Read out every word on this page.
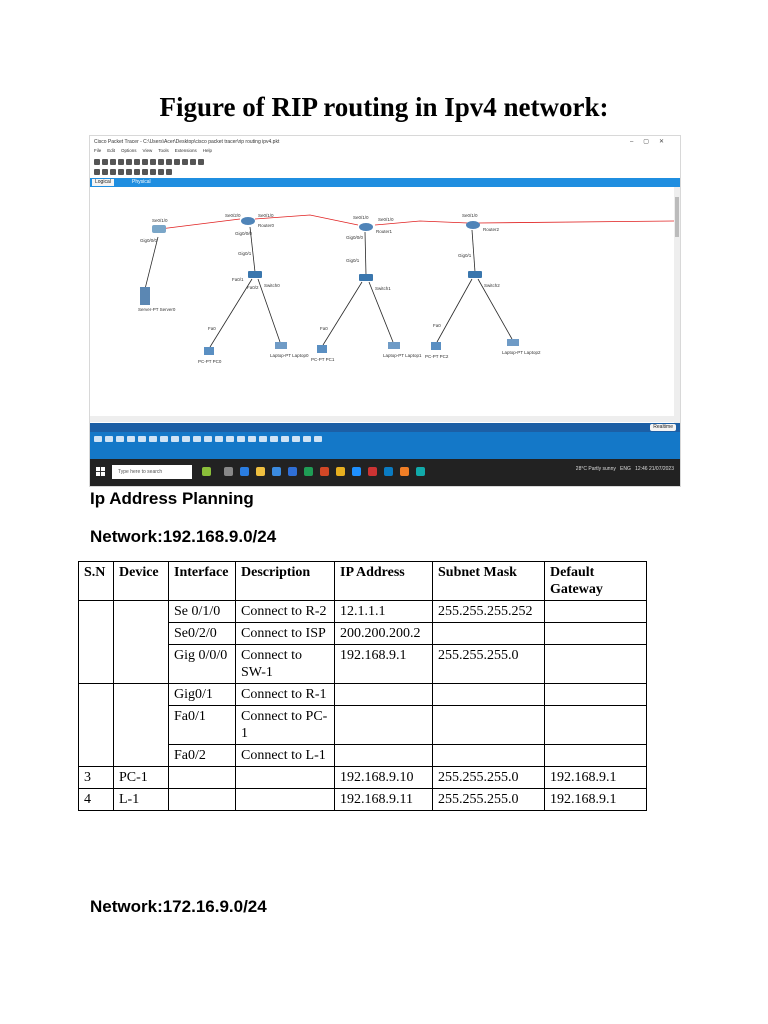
Figure of RIP routing in Ipv4 network:
Cisco Packet Tracer - C:\Users\Acer\Desktop\cisco packet tracer\rip routing ipv4.pkt	–▢✕
File Edit Options View Tools Extensions Help
Logical	Physical
Server-PT Server0
Router0
Router1	Router2
Switch0
Switch1
Switch2
PC-PT PC0	PC-PT PC1
PC-PT PC2
Laptop-PT Laptop0	Laptop-PT Laptop1
Laptop-PT Laptop2
Se0/2/0
Se0/1/0
Se0/1/0	Se0/1/0 Se0/1/0
Se0/1/0
Gig0/0/0
Gig0/0/0
Gig0/0/0
Gig0/1
Gig0/1
Gig0/1
Fa0/1
Fa0/2
Fa0	Fa0
Fa0
Realtime
Type here to search	28°C Partly sunny ENG 12:46 21/07/2023
Ip Address Planning
Network:192.168.9.0/24
S.N	Device	Interface	Description	IP Address	Subnet Mask	Default Gateway
		Se 0/1/0	Connect to R-2	12.1.1.1	255.255.255.252	
		Se0/2/0	Connect to ISP	200.200.200.2		
		Gig 0/0/0	Connect to SW-1	192.168.9.1	255.255.255.0	
		Gig0/1	Connect to R-1			
		Fa0/1	Connect to PC-1			
		Fa0/2	Connect to L-1			
3	PC-1			192.168.9.10	255.255.255.0	192.168.9.1
4	L-1			192.168.9.11	255.255.255.0	192.168.9.1
Network:172.16.9.0/24
